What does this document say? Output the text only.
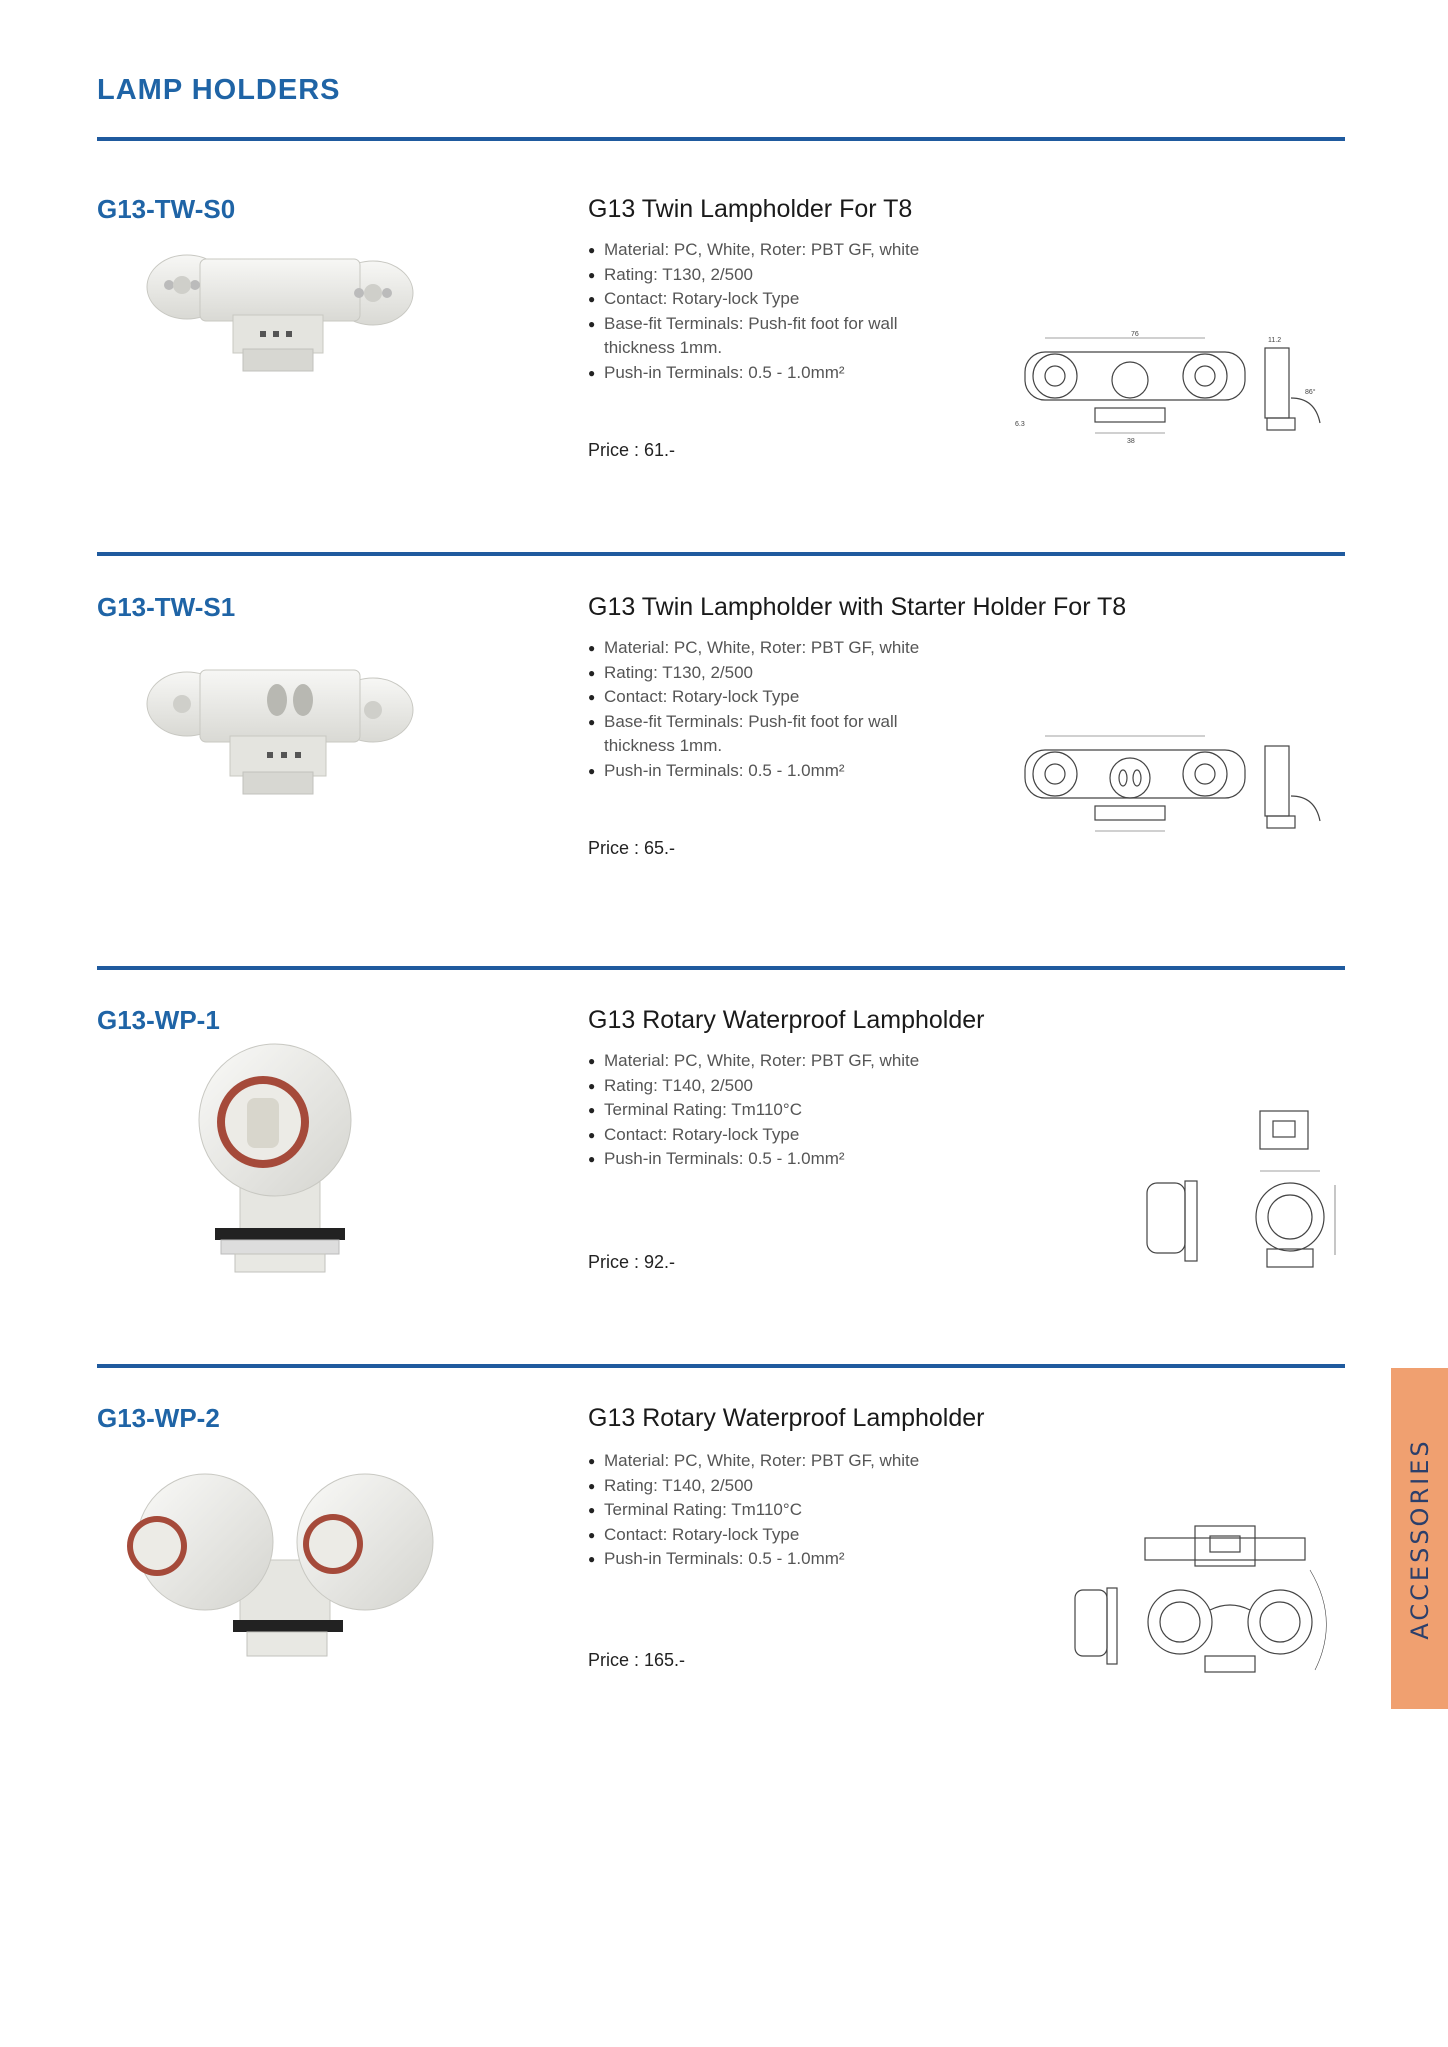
LAMP HOLDERS
G13-TW-S0	G13 Twin Lampholder For T8
● Material: PC, White, Roter: PBT GF, white
● Rating: T130, 2/500
● Contact: Rotary-lock Type
● Base-fit Terminals: Push-fit foot for wall thickness 1mm.
● Push-in Terminals: 0.5 - 1.0mm²
Price : 61.-
76
38
6.3
11.2
86°
G13-TW-S1	G13 Twin Lampholder with Starter Holder For T8
● Material: PC, White, Roter: PBT GF, white
● Rating: T130, 2/500
● Contact: Rotary-lock Type
● Base-fit Terminals: Push-fit foot for wall thickness 1mm.
● Push-in Terminals: 0.5 - 1.0mm²
Price : 65.-
G13-WP-1	G13 Rotary Waterproof Lampholder
● Material: PC, White, Roter: PBT GF, white
● Rating: T140, 2/500
● Terminal Rating: Tm110°C
● Contact: Rotary-lock Type
● Push-in Terminals: 0.5 - 1.0mm²
Price : 92.-
G13-WP-2	G13 Rotary Waterproof Lampholder
● Material: PC, White, Roter: PBT GF, white
● Rating: T140, 2/500
● Terminal Rating: Tm110°C
● Contact: Rotary-lock Type
● Push-in Terminals: 0.5 - 1.0mm²
Price : 165.-
ACCESSORIES
